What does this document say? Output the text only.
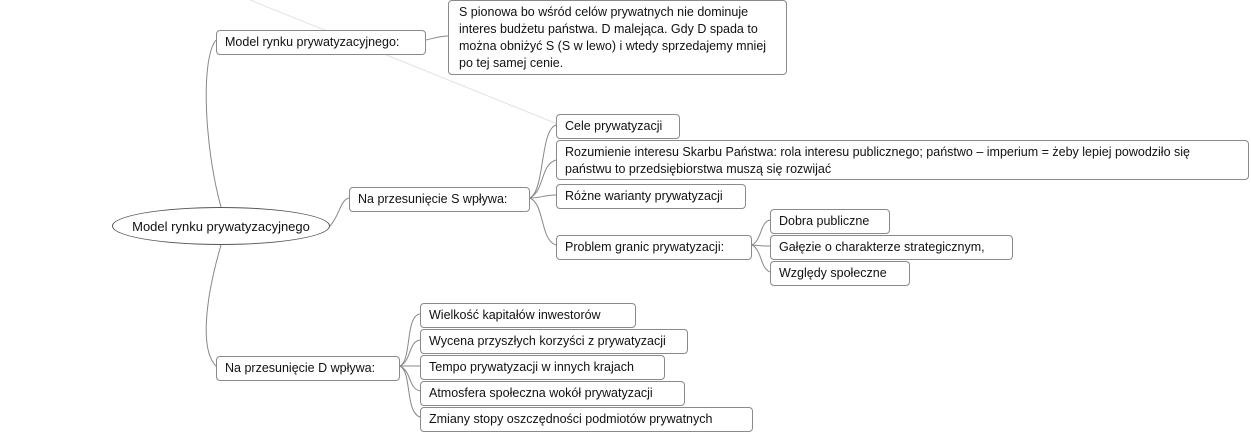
Model rynku prywatyzacyjnego
Model rynku prywatyzacyjnego:
S pionowa bo wśród celów prywatnych nie dominuje interes budżetu państwa. D malejąca. Gdy D spada to można obniżyć S (S w lewo) i wtedy sprzedajemy mniej po tej samej cenie.
Na przesunięcie S wpływa:
Cele prywatyzacji
Rozumienie interesu Skarbu Państwa: rola interesu publicznego; państwo – imperium = żeby lepiej powodziło się państwu to przedsiębiorstwa muszą się rozwijać
Różne warianty prywatyzacji
Problem granic prywatyzacji:
Dobra publiczne
Gałęzie o charakterze strategicznym,
Względy społeczne
Na przesunięcie D wpływa:
Wielkość kapitałów inwestorów
Wycena przyszłych korzyści z prywatyzacji
Tempo prywatyzacji w innych krajach
Atmosfera społeczna wokół prywatyzacji
Zmiany stopy oszczędności podmiotów prywatnych
